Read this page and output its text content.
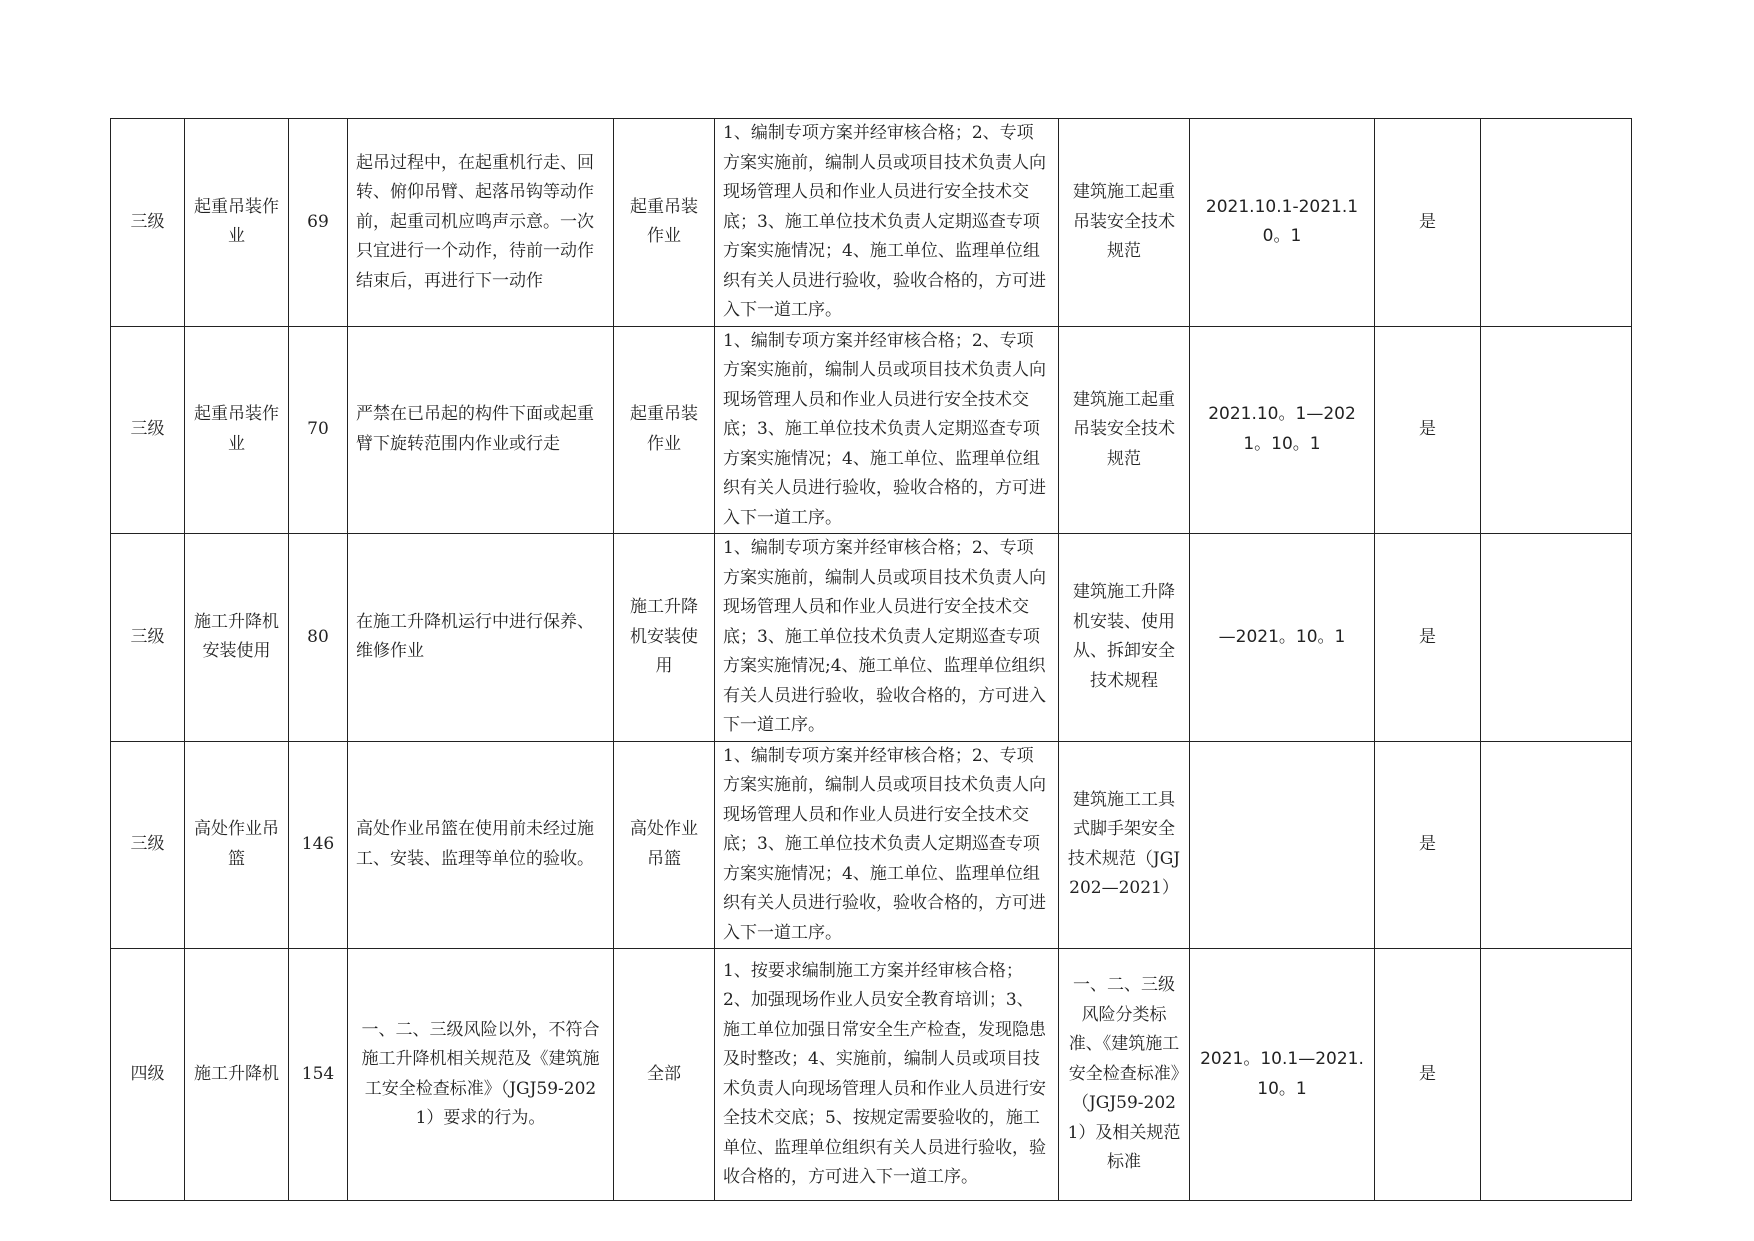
三级	起重吊装作业	69	起吊过程中，在起重机行走、回转、俯仰吊臂、起落吊钩等动作前，起重司机应鸣声示意。一次只宜进行一个动作，待前一动作结束后，再进行下一动作	起重吊装作业	1、编制专项方案并经审核合格；2、专项方案实施前，编制人员或项目技术负责人向现场管理人员和作业人员进行安全技术交底；3、施工单位技术负责人定期巡查专项方案实施情况；4、施工单位、监理单位组织有关人员进行验收，验收合格的，方可进入下一道工序。	建筑施工起重吊装安全技术规范	2021.10.1-2021.10。1	是	
三级	起重吊装作业	70	严禁在已吊起的构件下面或起重臂下旋转范围内作业或行走	起重吊装作业	1、编制专项方案并经审核合格；2、专项方案实施前，编制人员或项目技术负责人向现场管理人员和作业人员进行安全技术交底；3、施工单位技术负责人定期巡查专项方案实施情况；4、施工单位、监理单位组织有关人员进行验收，验收合格的，方可进入下一道工序。	建筑施工起重吊装安全技术规范	2021.10。1—2021。10。1	是	
三级	施工升降机安装使用	80	在施工升降机运行中进行保养、维修作业	施工升降机安装使用	1、编制专项方案并经审核合格；2、专项方案实施前，编制人员或项目技术负责人向现场管理人员和作业人员进行安全技术交底；3、施工单位技术负责人定期巡查专项方案实施情况;4、施工单位、监理单位组织有关人员进行验收，验收合格的，方可进入下一道工序。	建筑施工升降机安装、使用从、拆卸安全技术规程	—2021。10。1	是	
三级	高处作业吊篮	146	高处作业吊篮在使用前未经过施工、安装、监理等单位的验收。	高处作业吊篮	1、编制专项方案并经审核合格；2、专项方案实施前，编制人员或项目技术负责人向现场管理人员和作业人员进行安全技术交底；3、施工单位技术负责人定期巡查专项方案实施情况；4、施工单位、监理单位组织有关人员进行验收，验收合格的，方可进入下一道工序。	建筑施工工具式脚手架安全技术规范（JGJ202—2021）		是	
四级	施工升降机	154	一、二、三级风险以外，不符合施工升降机相关规范及《建筑施工安全检查标准》（JGJ59-2021）要求的行为。	全部	1、按要求编制施工方案并经审核合格；2、加强现场作业人员安全教育培训；3、施工单位加强日常安全生产检查，发现隐患及时整改；4、实施前，编制人员或项目技术负责人向现场管理人员和作业人员进行安全技术交底；5、按规定需要验收的，施工单位、监理单位组织有关人员进行验收，验收合格的，方可进入下一道工序。	一、二、三级风险分类标准、《建筑施工安全检查标准》（JGJ59-2021）及相关规范标准	2021。10.1—2021.10。1	是	
